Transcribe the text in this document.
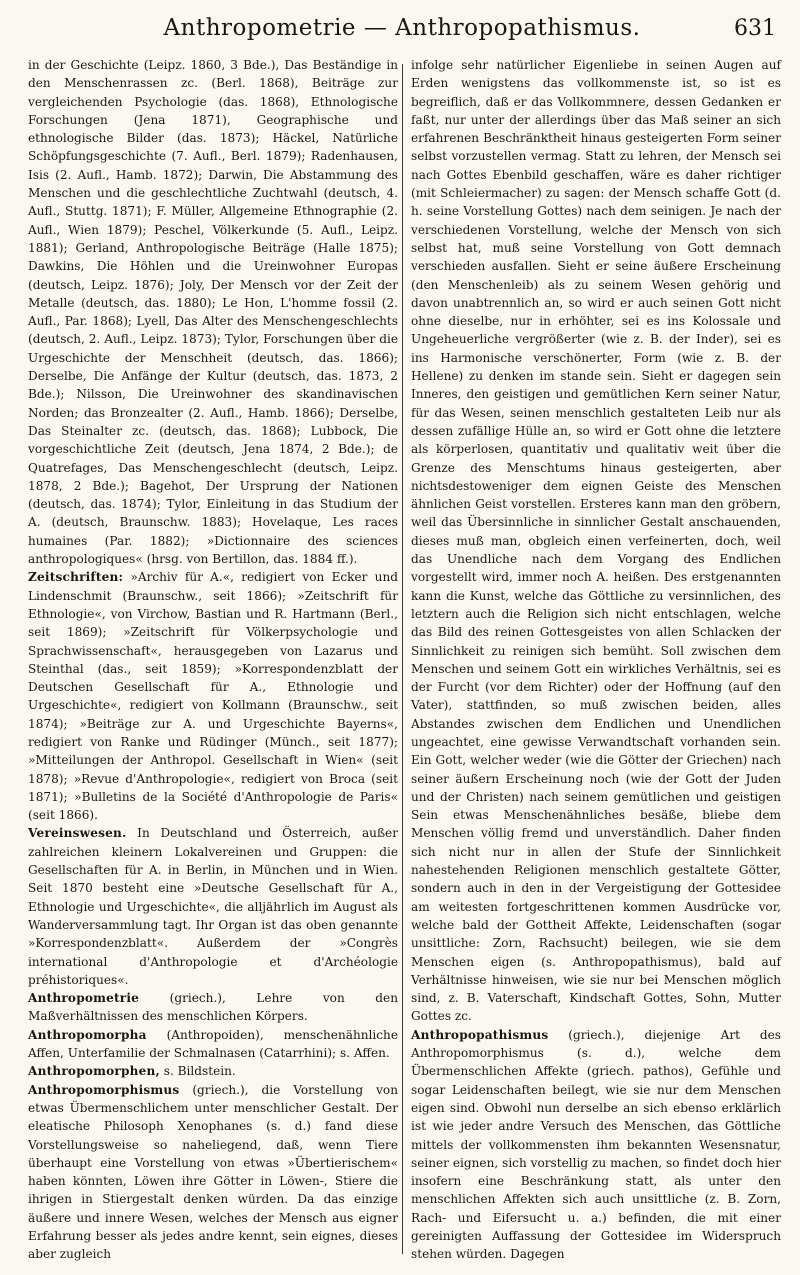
Anthropometrie — Anthropopathismus.	631

in der Geschichte (Leipz. 1860, 3 Bde.), Das Beständige in den Menschenrassen zc. (Berl. 1868), Beiträge zur vergleichenden Psychologie (das. 1868), Ethnologische Forschungen (Jena 1871), Geographische und ethnologische Bilder (das. 1873); Häckel, Natürliche Schöpfungsgeschichte (7. Aufl., Berl. 1879); Radenhausen, Isis (2. Aufl., Hamb. 1872); Darwin, Die Abstammung des Menschen und die geschlechtliche Zuchtwahl (deutsch, 4. Aufl., Stuttg. 1871); F. Müller, Allgemeine Ethnographie (2. Aufl., Wien 1879); Peschel, Völkerkunde (5. Aufl., Leipz. 1881); Gerland, Anthropologische Beiträge (Halle 1875); Dawkins, Die Höhlen und die Ureinwohner Europas (deutsch, Leipz. 1876); Joly, Der Mensch vor der Zeit der Metalle (deutsch, das. 1880); Le Hon, L'homme fossil (2. Aufl., Par. 1868); Lyell, Das Alter des Menschengeschlechts (deutsch, 2. Aufl., Leipz. 1873); Tylor, Forschungen über die Urgeschichte der Menschheit (deutsch, das. 1866); Derselbe, Die Anfänge der Kultur (deutsch, das. 1873, 2 Bde.); Nilsson, Die Ureinwohner des skandinavischen Norden; das Bronzealter (2. Aufl., Hamb. 1866); Derselbe, Das Steinalter zc. (deutsch, das. 1868); Lubbock, Die vorgeschichtliche Zeit (deutsch, Jena 1874, 2 Bde.); de Quatrefages, Das Menschengeschlecht (deutsch, Leipz. 1878, 2 Bde.); Bagehot, Der Ursprung der Nationen (deutsch, das. 1874); Tylor, Einleitung in das Studium der A. (deutsch, Braunschw. 1883); Hovelaque, Les races humaines (Par. 1882); »Dictionnaire des sciences anthropologiques« (hrsg. von Bertillon, das. 1884 ff.).

Zeitschriften: »Archiv für A.«, redigiert von Ecker und Lindenschmit (Braunschw., seit 1866); »Zeitschrift für Ethnologie«, von Virchow, Bastian und R. Hartmann (Berl., seit 1869); »Zeitschrift für Völkerpsychologie und Sprachwissenschaft«, herausgegeben von Lazarus und Steinthal (das., seit 1859); »Korrespondenzblatt der Deutschen Gesellschaft für A., Ethnologie und Urgeschichte«, redigiert von Kollmann (Braunschw., seit 1874); »Beiträge zur A. und Urgeschichte Bayerns«, redigiert von Ranke und Rüdinger (Münch., seit 1877); »Mitteilungen der Anthropol. Gesellschaft in Wien« (seit 1878); »Revue d'Anthropologie«, redigiert von Broca (seit 1871); »Bulletins de la Société d'Anthropologie de Paris« (seit 1866).

Vereinswesen. In Deutschland und Österreich, außer zahlreichen kleinern Lokalvereinen und Gruppen: die Gesellschaften für A. in Berlin, in München und in Wien. Seit 1870 besteht eine »Deutsche Gesellschaft für A., Ethnologie und Urgeschichte«, die alljährlich im August als Wanderversammlung tagt. Ihr Organ ist das oben genannte »Korrespondenzblatt«. Außerdem der »Congrès international d'Anthropologie et d'Archéologie préhistoriques«.

Anthropometrie (griech.), Lehre von den Maßverhältnissen des menschlichen Körpers.

Anthropomorpha (Anthropoiden), menschenähnliche Affen, Unterfamilie der Schmalnasen (Catarrhini); s. Affen.

Anthropomorphen, s. Bildstein.

Anthropomorphismus (griech.), die Vorstellung von etwas Übermenschlichem unter menschlicher Gestalt. Der eleatische Philosoph Xenophanes (s. d.) fand diese Vorstellungsweise so naheliegend, daß, wenn Tiere überhaupt eine Vorstellung von etwas »Übertierischem« haben könnten, Löwen ihre Götter in Löwen-, Stiere die ihrigen in Stiergestalt denken würden. Da das einzige äußere und innere Wesen, welches der Mensch aus eigner Erfahrung besser als jedes andre kennt, sein eignes, dieses aber zugleich

infolge sehr natürlicher Eigenliebe in seinen Augen auf Erden wenigstens das vollkommenste ist, so ist es begreiflich, daß er das Vollkommnere, dessen Gedanken er faßt, nur unter der allerdings über das Maß seiner an sich erfahrenen Beschränktheit hinaus gesteigerten Form seiner selbst vorzustellen vermag. Statt zu lehren, der Mensch sei nach Gottes Ebenbild geschaffen, wäre es daher richtiger (mit Schleiermacher) zu sagen: der Mensch schaffe Gott (d. h. seine Vorstellung Gottes) nach dem seinigen. Je nach der verschiedenen Vorstellung, welche der Mensch von sich selbst hat, muß seine Vorstellung von Gott demnach verschieden ausfallen. Sieht er seine äußere Erscheinung (den Menschenleib) als zu seinem Wesen gehörig und davon unabtrennlich an, so wird er auch seinen Gott nicht ohne dieselbe, nur in erhöhter, sei es ins Kolossale und Ungeheuerliche vergrößerter (wie z. B. der Inder), sei es ins Harmonische verschönerter, Form (wie z. B. der Hellene) zu denken im stande sein. Sieht er dagegen sein Inneres, den geistigen und gemütlichen Kern seiner Natur, für das Wesen, seinen menschlich gestalteten Leib nur als dessen zufällige Hülle an, so wird er Gott ohne die letztere als körperlosen, quantitativ und qualitativ weit über die Grenze des Menschtums hinaus gesteigerten, aber nichtsdestoweniger dem eignen Geiste des Menschen ähnlichen Geist vorstellen. Ersteres kann man den gröbern, weil das Übersinnliche in sinnlicher Gestalt anschauenden, dieses muß man, obgleich einen verfeinerten, doch, weil das Unendliche nach dem Vorgang des Endlichen vorgestellt wird, immer noch A. heißen. Des erstgenannten kann die Kunst, welche das Göttliche zu versinnlichen, des letztern auch die Religion sich nicht entschlagen, welche das Bild des reinen Gottesgeistes von allen Schlacken der Sinnlichkeit zu reinigen sich bemüht. Soll zwischen dem Menschen und seinem Gott ein wirkliches Verhältnis, sei es der Furcht (vor dem Richter) oder der Hoffnung (auf den Vater), stattfinden, so muß zwischen beiden, alles Abstandes zwischen dem Endlichen und Unendlichen ungeachtet, eine gewisse Verwandtschaft vorhanden sein. Ein Gott, welcher weder (wie die Götter der Griechen) nach seiner äußern Erscheinung noch (wie der Gott der Juden und der Christen) nach seinem gemütlichen und geistigen Sein etwas Menschenähnliches besäße, bliebe dem Menschen völlig fremd und unverständlich. Daher finden sich nicht nur in allen der Stufe der Sinnlichkeit nahestehenden Religionen menschlich gestaltete Götter, sondern auch in den in der Vergeistigung der Gottesidee am weitesten fortgeschrittenen kommen Ausdrücke vor, welche bald der Gottheit Affekte, Leidenschaften (sogar unsittliche: Zorn, Rachsucht) beilegen, wie sie dem Menschen eigen (s. Anthropopathismus), bald auf Verhältnisse hinweisen, wie sie nur bei Menschen möglich sind, z. B. Vaterschaft, Kindschaft Gottes, Sohn, Mutter Gottes zc.

Anthropopathismus (griech.), diejenige Art des Anthropomorphismus (s. d.), welche dem Übermenschlichen Affekte (griech. pathos), Gefühle und sogar Leidenschaften beilegt, wie sie nur dem Menschen eigen sind. Obwohl nun derselbe an sich ebenso erklärlich ist wie jeder andre Versuch des Menschen, das Göttliche mittels der vollkommensten ihm bekannten Wesensnatur, seiner eignen, sich vorstellig zu machen, so findet doch hier insofern eine Beschränkung statt, als unter den menschlichen Affekten sich auch unsittliche (z. B. Zorn, Rach- und Eifersucht u. a.) befinden, die mit einer gereinigten Auffassung der Gottesidee im Widerspruch stehen würden. Dagegen
